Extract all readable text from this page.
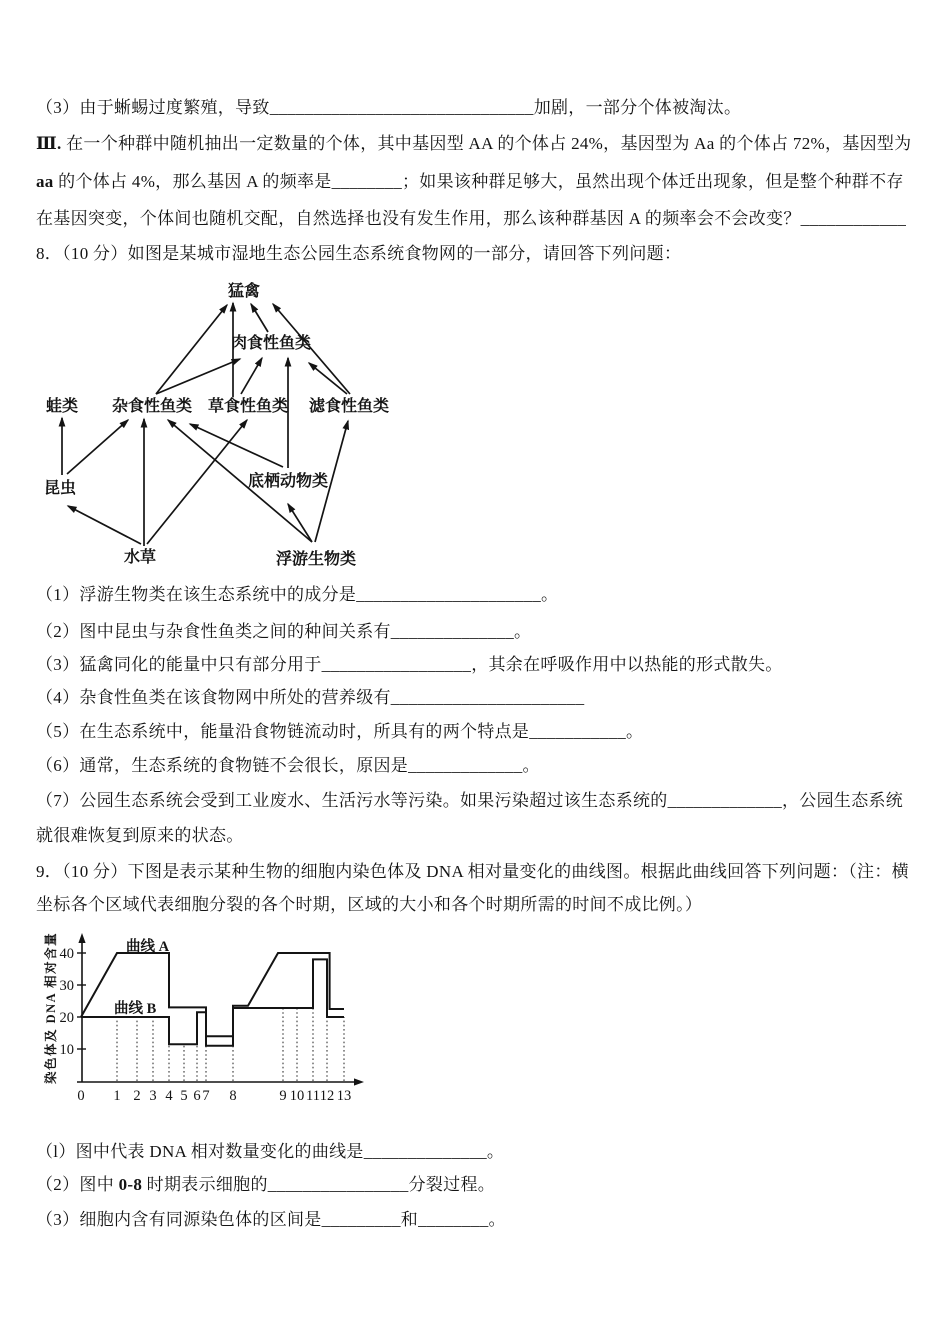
（3）由于蜥蜴过度繁殖，导致______________________________加剧，一部分个体被淘汰。
Ⅲ. 在一个种群中随机抽出一定数量的个体，其中基因型 AA 的个体占 24%，基因型为 Aa 的个体占 72%，基因型为
aa 的个体占 4%，那么基因 A 的频率是________；如果该种群足够大，虽然出现个体迁出现象，但是整个种群不存
在基因突变，个体间也随机交配，自然选择也没有发生作用，那么该种群基因 A 的频率会不会改变？____________
8．（10 分）如图是某城市湿地生态公园生态系统食物网的一部分，请回答下列问题：
猛禽
肉食性鱼类
蛙类 杂食性鱼类 草食性鱼类 滤食性鱼类
昆虫	底栖动物类
水草	浮游生物类
（1）浮游生物类在该生态系统中的成分是_____________________。
（2）图中昆虫与杂食性鱼类之间的种间关系有______________。
（3）猛禽同化的能量中只有部分用于_________________，其余在呼吸作用中以热能的形式散失。
（4）杂食性鱼类在该食物网中所处的营养级有______________________
（5）在生态系统中，能量沿食物链流动时，所具有的两个特点是___________。
（6）通常，生态系统的食物链不会很长，原因是_____________。
（7）公园生态系统会受到工业废水、生活污水等污染。如果污染超过该生态系统的_____________，公园生态系统
就很难恢复到原来的状态。
9．（10 分）下图是表示某种生物的细胞内染色体及 DNA 相对量变化的曲线图。根据此曲线回答下列问题：（注：横
坐标各个区域代表细胞分裂的各个时期，区域的大小和各个时期所需的时间不成比例。）
10
20
30
40
0 1 2 3 4 5 6 7 8	9 10 11 12 13
曲线 A
曲线 B
染色体及 DNA 相对含量
（l）图中代表 DNA 相对数量变化的曲线是______________。
（2）图中 0-8 时期表示细胞的________________分裂过程。
（3）细胞内含有同源染色体的区间是_________和________。
